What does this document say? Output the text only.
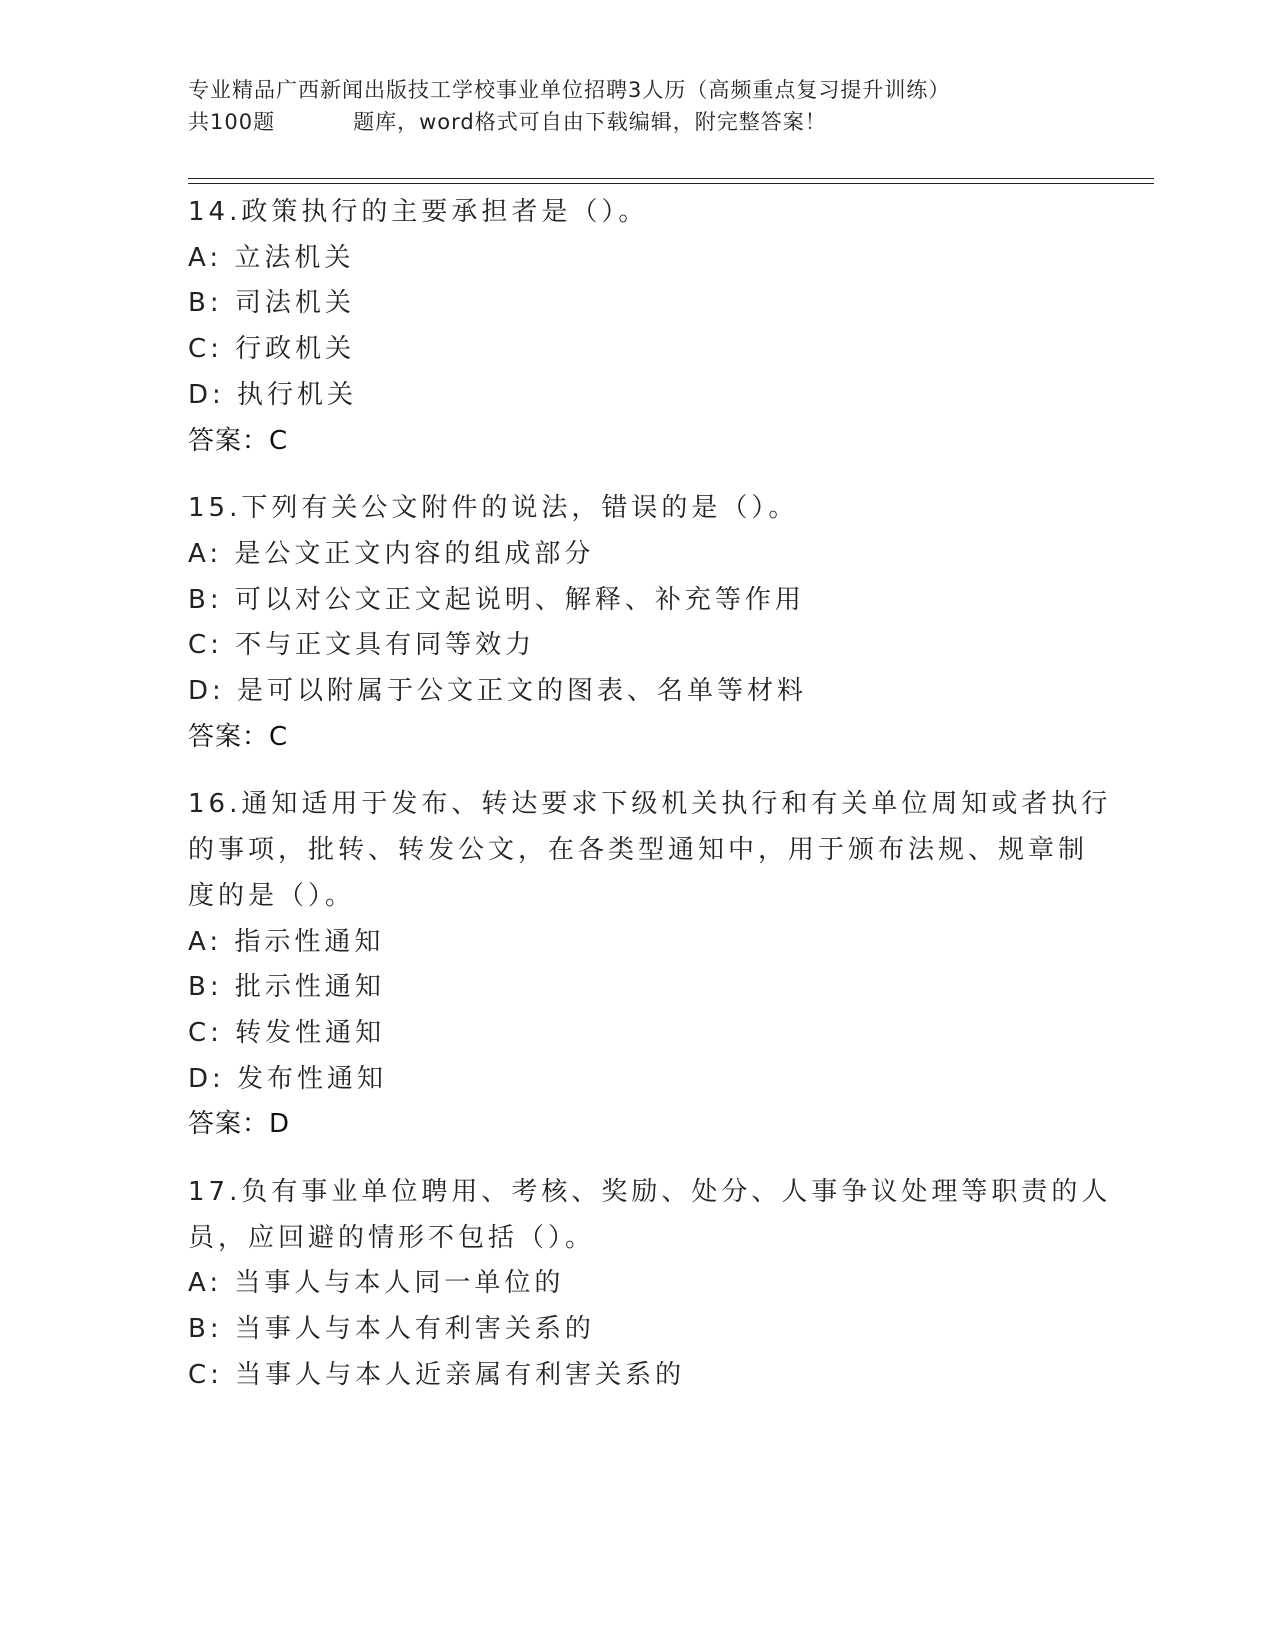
专业精品广西新闻出版技工学校事业单位招聘3人历（高频重点复习提升训练）
共100题	题库，word格式可自由下载编辑，附完整答案！
14.政策执行的主要承担者是（）。
A: 立法机关
B: 司法机关
C: 行政机关
D: 执行机关
答案：C
15.下列有关公文附件的说法，错误的是（）。
A: 是公文正文内容的组成部分
B: 可以对公文正文起说明、解释、补充等作用
C: 不与正文具有同等效力
D: 是可以附属于公文正文的图表、名单等材料
答案：C
16.通知适用于发布、转达要求下级机关执行和有关单位周知或者执行
的事项，批转、转发公文，在各类型通知中，用于颁布法规、规章制
度的是（）。
A: 指示性通知
B: 批示性通知
C: 转发性通知
D: 发布性通知
答案：D
17.负有事业单位聘用、考核、奖励、处分、人事争议处理等职责的人
员，应回避的情形不包括（）。
A: 当事人与本人同一单位的
B: 当事人与本人有利害关系的
C: 当事人与本人近亲属有利害关系的
